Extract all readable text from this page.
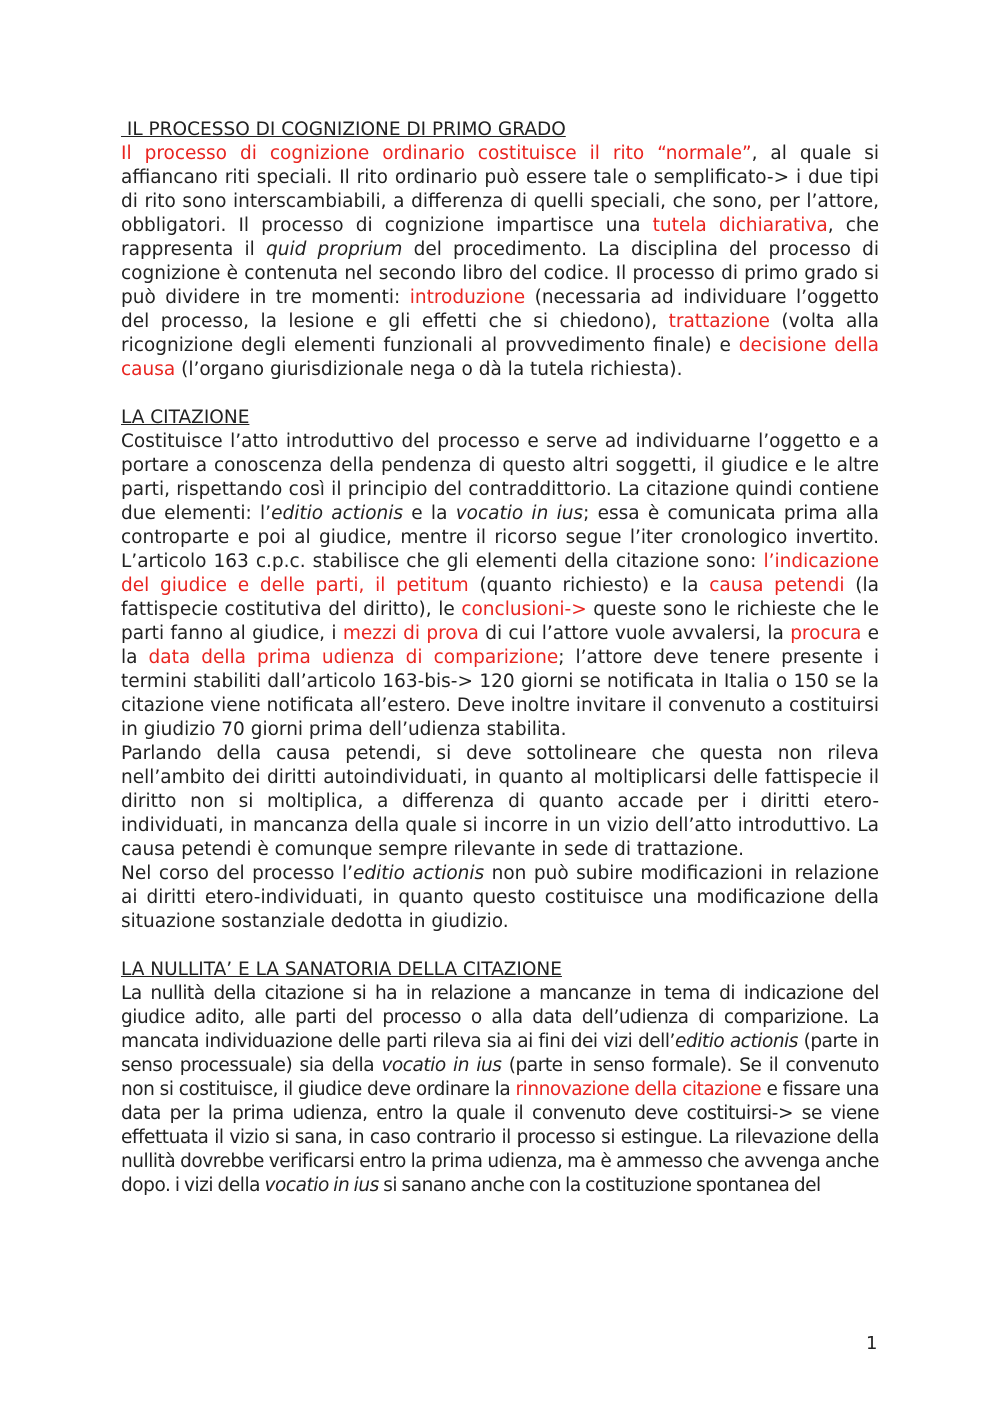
IL PROCESSO DI COGNIZIONE DI PRIMO GRADO

Il processo di cognizione ordinario costituisce il rito “normale”, al quale si affiancano riti speciali. Il rito ordinario può essere tale o semplificato-> i due tipi di rito sono interscambiabili, a differenza di quelli speciali, che sono, per l’attore, obbligatori. Il processo di cognizione impartisce una tutela dichiarativa, che rappresenta il quid proprium del procedimento. La disciplina del processo di cognizione è contenuta nel secondo libro del codice. Il processo di primo grado si può dividere in tre momenti: introduzione (necessaria ad individuare l’oggetto del processo, la lesione e gli effetti che si chiedono), trattazione (volta alla ricognizione degli elementi funzionali al provvedimento finale) e decisione della causa (l’organo giurisdizionale nega o dà la tutela richiesta).

LA CITAZIONE

Costituisce l’atto introduttivo del processo e serve ad individuarne l’oggetto e a portare a conoscenza della pendenza di questo altri soggetti, il giudice e le altre parti, rispettando così il principio del contraddittorio. La citazione quindi contiene due elementi: l’editio actionis e la vocatio in ius; essa è comunicata prima alla controparte e poi al giudice, mentre il ricorso segue l’iter cronologico invertito. L’articolo 163 c.p.c. stabilisce che gli elementi della citazione sono: l’indicazione del giudice e delle parti, il petitum (quanto richiesto) e la causa petendi (la fattispecie costitutiva del diritto), le conclusioni-> queste sono le richieste che le parti fanno al giudice, i mezzi di prova di cui l’attore vuole avvalersi, la procura e la data della prima udienza di comparizione; l’attore deve tenere presente i termini stabiliti dall’articolo 163-bis-> 120 giorni se notificata in Italia o 150 se la citazione viene notificata all’estero. Deve inoltre invitare il convenuto a costituirsi in giudizio 70 giorni prima dell’udienza stabilita.

Parlando della causa petendi, si deve sottolineare che questa non rileva nell’ambito dei diritti autoindividuati, in quanto al moltiplicarsi delle fattispecie il diritto non si moltiplica, a differenza di quanto accade per i diritti etero-individuati, in mancanza della quale si incorre in un vizio dell’atto introduttivo. La causa petendi è comunque sempre rilevante in sede di trattazione.

Nel corso del processo l’editio actionis non può subire modificazioni in relazione ai diritti etero-individuati, in quanto questo costituisce una modificazione della situazione sostanziale dedotta in giudizio.

LA NULLITA’ E LA SANATORIA DELLA CITAZIONE

La nullità della citazione si ha in relazione a mancanze in tema di indicazione del giudice adito, alle parti del processo o alla data dell’udienza di comparizione. La mancata individuazione delle parti rileva sia ai fini dei vizi dell’editio actionis (parte in senso processuale) sia della vocatio in ius (parte in senso formale). Se il convenuto non si costituisce, il giudice deve ordinare la rinnovazione della citazione e fissare una data per la prima udienza, entro la quale il convenuto deve costituirsi-> se viene effettuata il vizio si sana, in caso contrario il processo si estingue. La rilevazione della nullità dovrebbe verificarsi entro la prima udienza, ma è ammesso che avvenga anche dopo. i vizi della vocatio in ius si sanano anche con la costituzione spontanea del

1
